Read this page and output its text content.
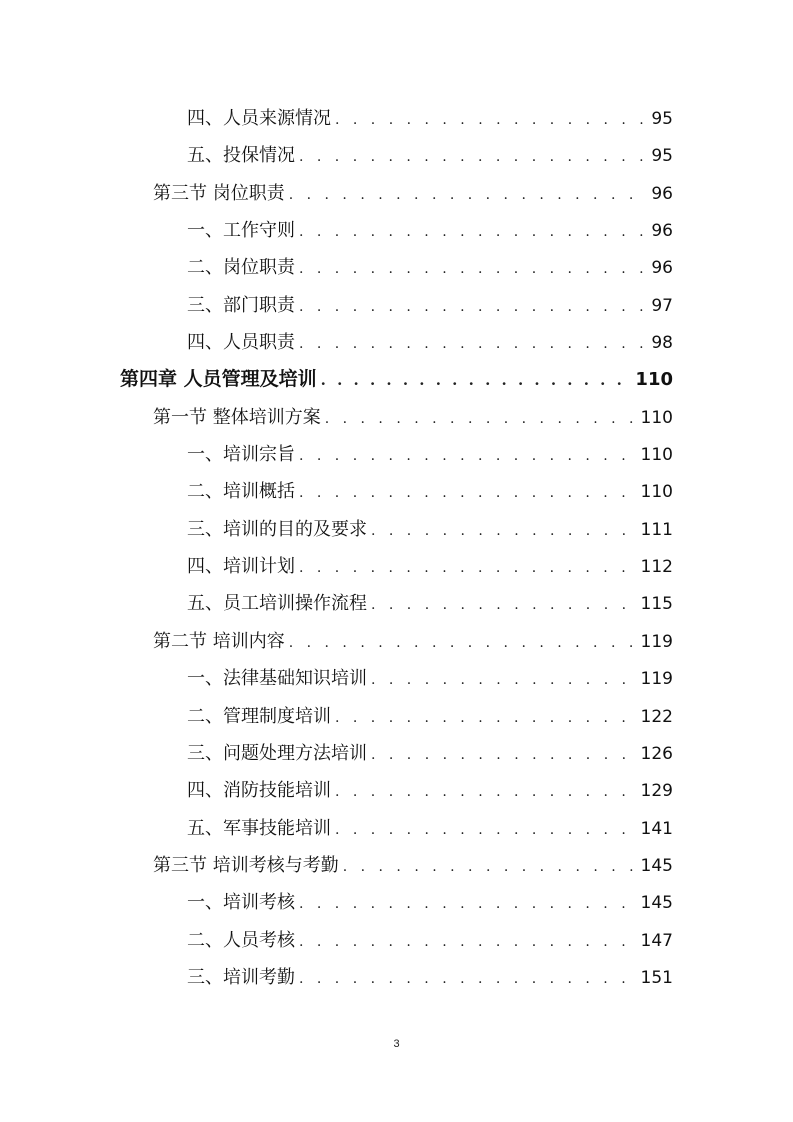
四、人员来源情况 . . .	95
五、投保情况 . . .	95
第三节 岗位职责 . . .	96
一、工作守则 . . .	96
二、岗位职责 . . .	96
三、部门职责 . . .	97
四、人员职责 . . .	98
第四章 人员管理及培训 . . .	110
第一节 整体培训方案 . . .	110
一、培训宗旨 . . .	110
二、培训概括 . . .	110
三、培训的目的及要求 . . .	111
四、培训计划 . . .	112
五、员工培训操作流程 . . .	115
第二节 培训内容 . . .	119
一、法律基础知识培训 . . .	119
二、管理制度培训 . . .	122
三、问题处理方法培训 . . .	126
四、消防技能培训 . . .	129
五、军事技能培训 . . .	141
第三节 培训考核与考勤 . . .	145
一、培训考核 . . .	145
二、人员考核 . . .	147
三、培训考勤 . . .	151
3
